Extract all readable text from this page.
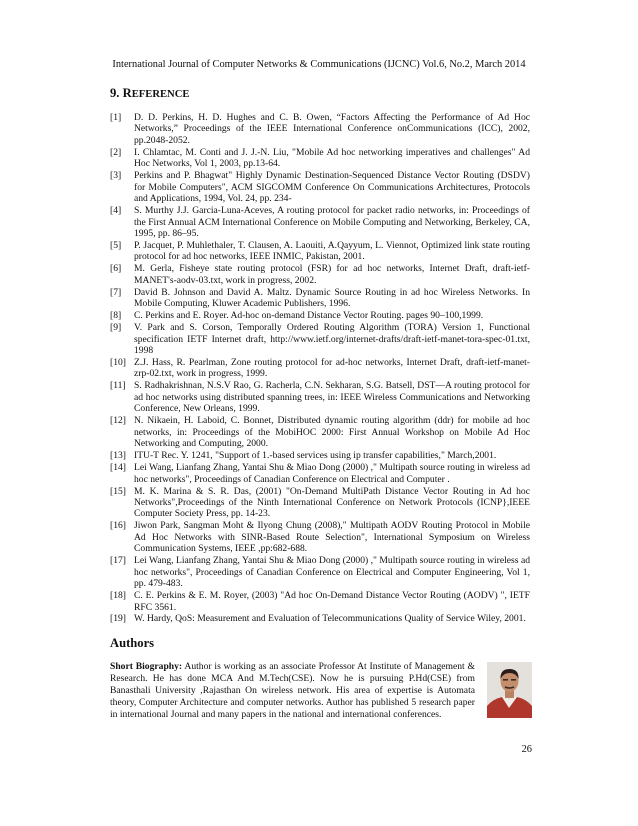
International Journal of Computer Networks & Communications (IJCNC) Vol.6, No.2, March 2014
9. REFERENCE
[1]	D. D. Perkins, H. D. Hughes and C. B. Owen, “Factors Affecting the Performance of Ad Hoc Networks,” Proceedings of the IEEE International Conference onCommunications (ICC), 2002, pp.2048-2052.
[2]	I. Chlamtac, M. Conti and J. J.-N. Liu, "Mobile Ad hoc networking imperatives and challenges" Ad Hoc Networks, Vol 1, 2003, pp.13-64.
[3]	Perkins and P. Bhagwat" Highly Dynamic Destination-Sequenced Distance Vector Routing (DSDV) for Mobile Computers", ACM SIGCOMM Conference On Communications Architectures, Protocols and Applications, 1994, Vol. 24, pp. 234-
[4]	S. Murthy J.J. Garcia-Luna-Aceves, A routing protocol for packet radio networks, in: Proceedings of the First Annual ACM International Conference on Mobile Computing and Networking, Berkeley, CA, 1995, pp. 86–95.
[5]	P. Jacquet, P. Muhlethaler, T. Clausen, A. Laouiti, A.Qayyum, L. Viennot, Optimized link state routing protocol for ad hoc networks, IEEE INMIC, Pakistan, 2001.
[6]	M. Gerla, Fisheye state routing protocol (FSR) for ad hoc networks, Internet Draft, draft-ietf-MANET's-aodv-03.txt, work in progress, 2002.
[7]	David B. Johnson and David A. Maltz. Dynamic Source Routing in ad hoc Wireless Networks. In Mobile Computing, Kluwer Academic Publishers, 1996.
[8]	C. Perkins and E. Royer. Ad-hoc on-demand Distance Vector Routing. pages 90–100,1999.
[9]	V. Park and S. Corson, Temporally Ordered Routing Algorithm (TORA) Version 1, Functional specification IETF Internet draft, http://www.ietf.org/internet-drafts/draft-ietf-manet-tora-spec-01.txt, 1998
[10] Z.J. Hass, R. Pearlman, Zone routing protocol for ad-hoc networks, Internet Draft, draft-ietf-manet-zrp-02.txt, work in progress, 1999.
[11] S. Radhakrishnan, N.S.V Rao, G. Racherla, C.N. Sekharan, S.G. Batsell, DST—A routing protocol for ad hoc networks using distributed spanning trees, in: IEEE Wireless Communications and Networking Conference, New Orleans, 1999.
[12] N. Nikaein, H. Laboid, C. Bonnet, Distributed dynamic routing algorithm (ddr) for mobile ad hoc networks, in: Proceedings of the MobiHOC 2000: First Annual Workshop on Mobile Ad Hoc Networking and Computing, 2000.
[13] ITU-T Rec. Y. 1241, "Support of 1.-based services using ip transfer capabilities," March,2001.
[14] Lei Wang, Lianfang Zhang, Yantai Shu & Miao Dong (2000) ," Multipath source routing in wireless ad hoc networks", Proceedings of Canadian Conference on Electrical and Computer .
[15] M. K. Marina & S. R. Das, (2001) "On-Demand MultiPath Distance Vector Routing in Ad hoc Networks",Proceedings of the Ninth International Conference on Network Protocols (ICNP},IEEE Computer Society Press, pp. 14-23.
[16] Jiwon Park, Sangman Moht & Ilyong Chung (2008)," Multipath AODV Routing Protocol in Mobile Ad Hoc Networks with SINR-Based Route Selection", International Symposium on Wireless Communication Systems, IEEE ,pp:682-688.
[17] Lei Wang, Lianfang Zhang, Yantai Shu & Miao Dong (2000) ," Multipath source routing in wireless ad hoc networks", Proceedings of Canadian Conference on Electrical and Computer Engineering, Vol 1, pp. 479-483.
[18] C. E. Perkins & E. M. Royer, (2003) "Ad hoc On-Demand Distance Vector Routing (AODV) ", IETF RFC 3561.
[19] W. Hardy, QoS: Measurement and Evaluation of Telecommunications Quality of Service Wiley, 2001.
Authors

Short Biography: Author is working as an associate Professor At Institute of Management & Research. He has done MCA And M.Tech(CSE). Now he is pursuing P.Hd(CSE) from Banasthali University ,Rajasthan On wireless network. His area of expertise is Automata theory, Computer Architecture and computer networks. Author has published 5 research paper in international Journal and many papers in the national and international conferences.

26
